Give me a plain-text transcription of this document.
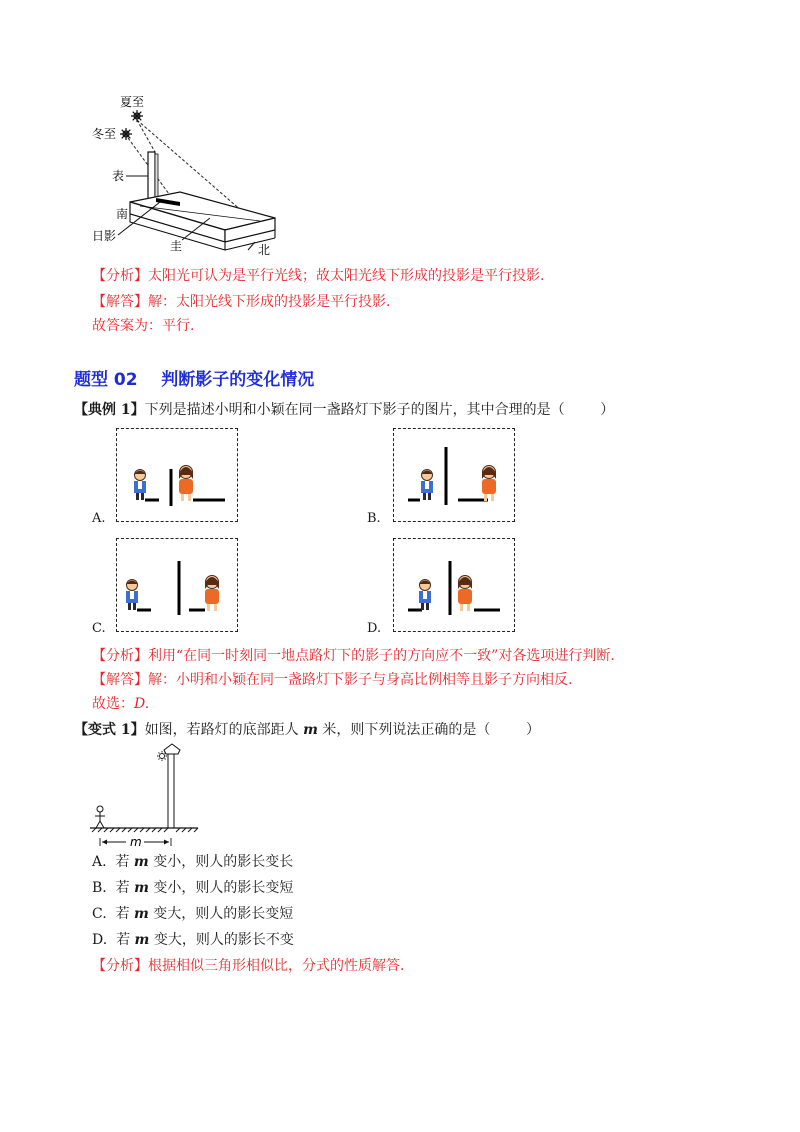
夏至
冬至
表
南
日影
圭	北
【分析】太阳光可认为是平行光线；故太阳光线下形成的投影是平行投影.
【解答】解：太阳光线下形成的投影是平行投影.
故答案为：平行.
题型 02    判断影子的变化情况
【典例 1】下列是描述小明和小颖在同一盏路灯下影子的图片，其中合理的是（        ）
A.	B.
C.	D.
【分析】利用“在同一时刻同一地点路灯下的影子的方向应不一致”对各选项进行判断.
【解答】解：小明和小颖在同一盏路灯下影子与身高比例相等且影子方向相反.
故选：D.
【变式 1】如图，若路灯的底部距人 m 米，则下列说法正确的是（        ）
m
A. 若 m 变小，则人的影长变长
B. 若 m 变小，则人的影长变短
C. 若 m 变大，则人的影长变短
D. 若 m 变大，则人的影长不变
【分析】根据相似三角形相似比，分式的性质解答.
